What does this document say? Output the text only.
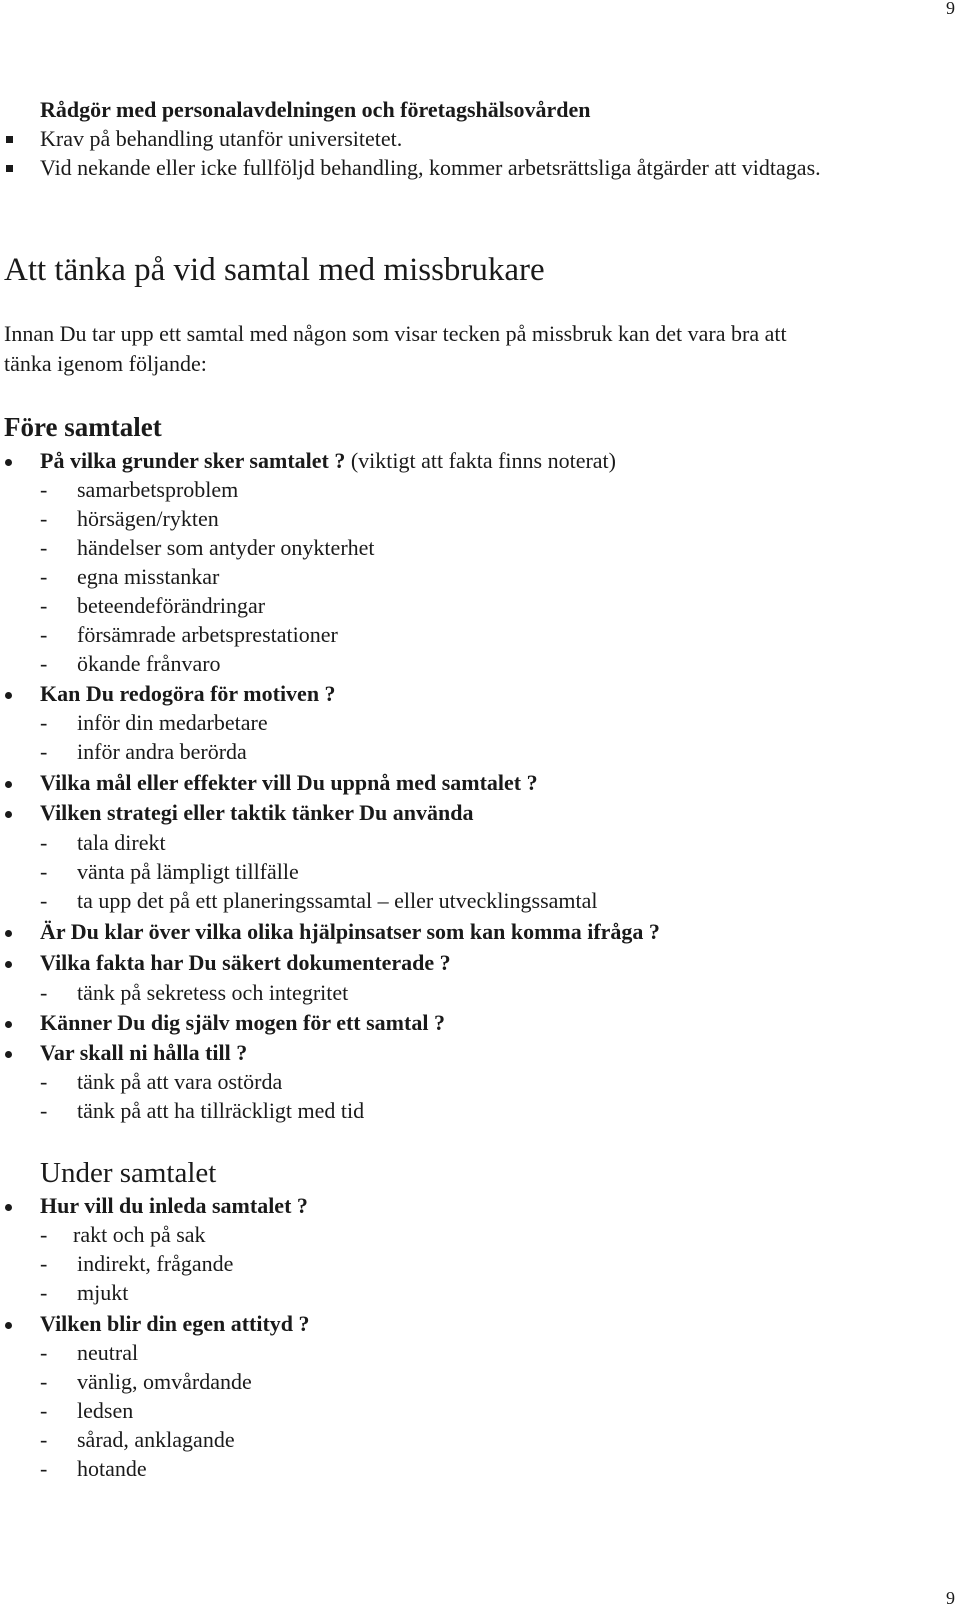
9
9
Rådgör med personalavdelningen och företagshälsovården
Krav på behandling utanför universitetet.
Vid nekande eller icke fullföljd behandling, kommer arbetsrättsliga åtgärder att vidtagas.
Att tänka på vid samtal med missbrukare
Innan Du tar upp ett samtal med någon som visar tecken på missbruk kan det vara bra att
tänka igenom följande:
Före samtalet
På vilka grunder sker samtalet ? (viktigt att fakta finns noterat)
- samarbetsproblem
- hörsägen/rykten
- händelser som antyder onykterhet
- egna misstankar
- beteendeförändringar
- försämrade arbetsprestationer
- ökande frånvaro
Kan Du redogöra för motiven ?
- inför din medarbetare
- inför andra berörda
Vilka mål eller effekter vill Du uppnå med samtalet ?
Vilken strategi eller taktik tänker Du använda
- tala direkt
- vänta på lämpligt tillfälle
- ta upp det på ett planeringssamtal – eller utvecklingssamtal
Är Du klar över vilka olika hjälpinsatser som kan komma ifråga ?
Vilka fakta har Du säkert dokumenterade ?
- tänk på sekretess och integritet
Känner Du dig själv mogen för ett samtal ?
Var skall ni hålla till ?
- tänk på att vara ostörda
- tänk på att ha tillräckligt med tid
Under samtalet
Hur vill du inleda samtalet ?
- rakt och på sak
- indirekt, frågande
- mjukt
Vilken blir din egen attityd ?
- neutral
- vänlig, omvårdande
- ledsen
- sårad, anklagande
- hotande
